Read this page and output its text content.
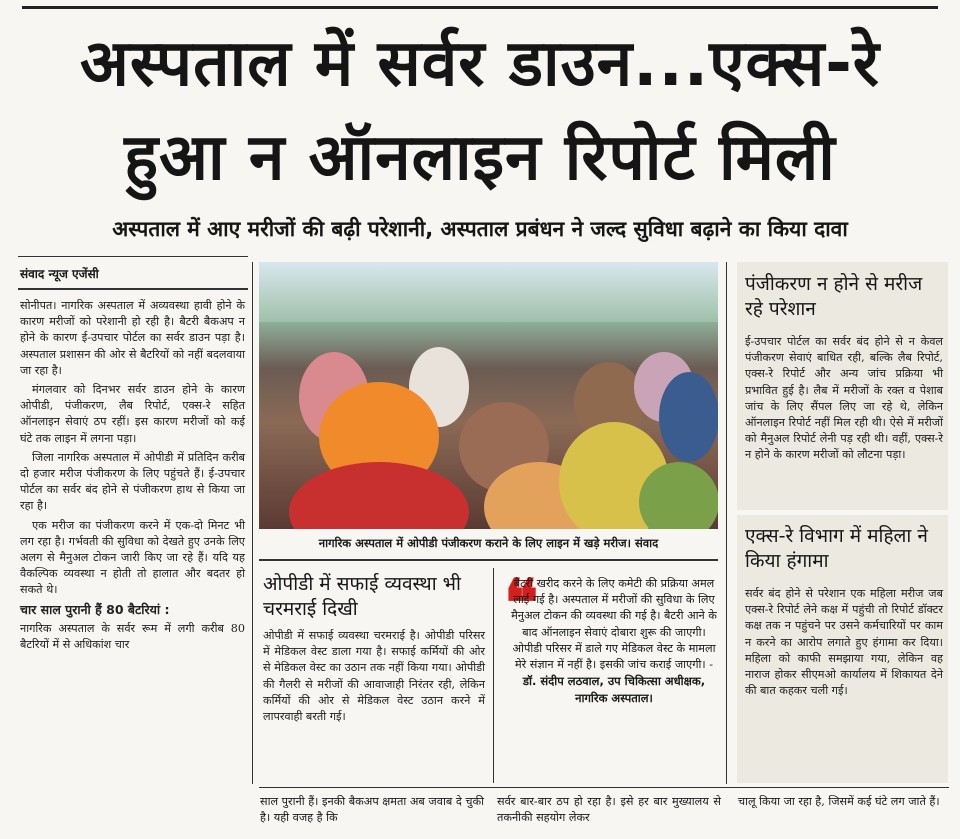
अस्पताल में सर्वर डाउन...एक्स-रे
हुआ न ऑनलाइन रिपोर्ट मिली
अस्पताल में आए मरीजों की बढ़ी परेशानी, अस्पताल प्रबंधन ने जल्द सुविधा बढ़ाने का किया दावा
संवाद न्यूज एजेंसी

सोनीपत। नागरिक अस्पताल में अव्यवस्था हावी होने के कारण मरीजों को परेशानी हो रही है। बैटरी बैकअप न होने के कारण ई-उपचार पोर्टल का सर्वर डाउन पड़ा है। अस्पताल प्रशासन की ओर से बैटरियों को नहीं बदलवाया जा रहा है।

मंगलवार को दिनभर सर्वर डाउन होने के कारण ओपीडी, पंजीकरण, लैब रिपोर्ट, एक्स-रे सहित ऑनलाइन सेवाएं ठप रहीं। इस कारण मरीजों को कई घंटे तक लाइन में लगना पड़ा।

जिला नागरिक अस्पताल में ओपीडी में प्रतिदिन करीब दो हजार मरीज पंजीकरण के लिए पहुंचते हैं। ई-उपचार पोर्टल का सर्वर बंद होने से पंजीकरण हाथ से किया जा रहा है।

एक मरीज का पंजीकरण करने में एक-दो मिनट भी लग रहा है। गर्भवती की सुविधा को देखते हुए उनके लिए अलग से मैनुअल टोकन जारी किए जा रहे हैं। यदि यह वैकल्पिक व्यवस्था न होती तो हालात और बदतर हो सकते थे।

चार साल पुरानी हैं 80 बैटरियां :

नागरिक अस्पताल के सर्वर रूम में लगी करीब 80 बैटरियों में से अधिकांश चार

नागरिक अस्पताल में ओपीडी पंजीकरण कराने के लिए लाइन में खड़े मरीज। संवाद
ओपीडी में सफाई व्यवस्था भी चरमराई दिखी
ओपीडी में सफाई व्यवस्था चरमराई है। ओपीडी परिसर में मेडिकल वेस्ट डाला गया है। सफाई कर्मियों की ओर से मेडिकल वेस्ट का उठान तक नहीं किया गया। ओपीडी की गैलरी से मरीजों की आवाजाही निरंतर रही, लेकिन कर्मियों की ओर से मेडिकल वेस्ट उठान करने में लापरवाही बरती गई।
❝
बैटरी खरीद करने के लिए कमेटी की प्रक्रिया अमल लाई गई है। अस्पताल में मरीजों की सुविधा के लिए मैनुअल टोकन की व्यवस्था की गई है। बैटरी आने के बाद ऑनलाइन सेवाएं दोबारा शुरू की जाएगी। ओपीडी परिसर में डाले गए मेडिकल वेस्ट के मामला मेरे संज्ञान में नहीं है। इसकी जांच कराई जाएगी। - डॉ. संदीप लठवाल, उप चिकित्सा अधीक्षक, नागरिक अस्पताल।
पंजीकरण न होने से मरीज रहे परेशान
ई-उपचार पोर्टल का सर्वर बंद होने से न केवल पंजीकरण सेवाएं बाधित रही, बल्कि लैब रिपोर्ट, एक्स-रे रिपोर्ट और अन्य जांच प्रक्रिया भी प्रभावित हुई है। लैब में मरीजों के रक्त व पेशाब जांच के लिए सैंपल लिए जा रहे थे, लेकिन ऑनलाइन रिपोर्ट नहीं मिल रही थी। ऐसे में मरीजों को मैनुअल रिपोर्ट लेनी पड़ रही थी। वहीं, एक्स-रे न होने के कारण मरीजों को लौटना पड़ा।
एक्स-रे विभाग में महिला ने किया हंगामा
सर्वर बंद होने से परेशान एक महिला मरीज जब एक्स-रे रिपोर्ट लेने कक्ष में पहुंची तो रिपोर्ट डॉक्टर कक्ष तक न पहुंचने पर उसने कर्मचारियों पर काम न करने का आरोप लगाते हुए हंगामा कर दिया। महिला को काफी समझाया गया, लेकिन वह नाराज होकर सीएमओ कार्यालय में शिकायत देने की बात कहकर चली गई।
साल पुरानी हैं। इनकी बैकअप क्षमता अब जवाब दे चुकी है। यही वजह है कि
सर्वर बार-बार ठप हो रहा है। इसे हर बार मुख्यालय से तकनीकी सहयोग लेकर
चालू किया जा रहा है, जिसमें कई घंटे लग जाते हैं।
